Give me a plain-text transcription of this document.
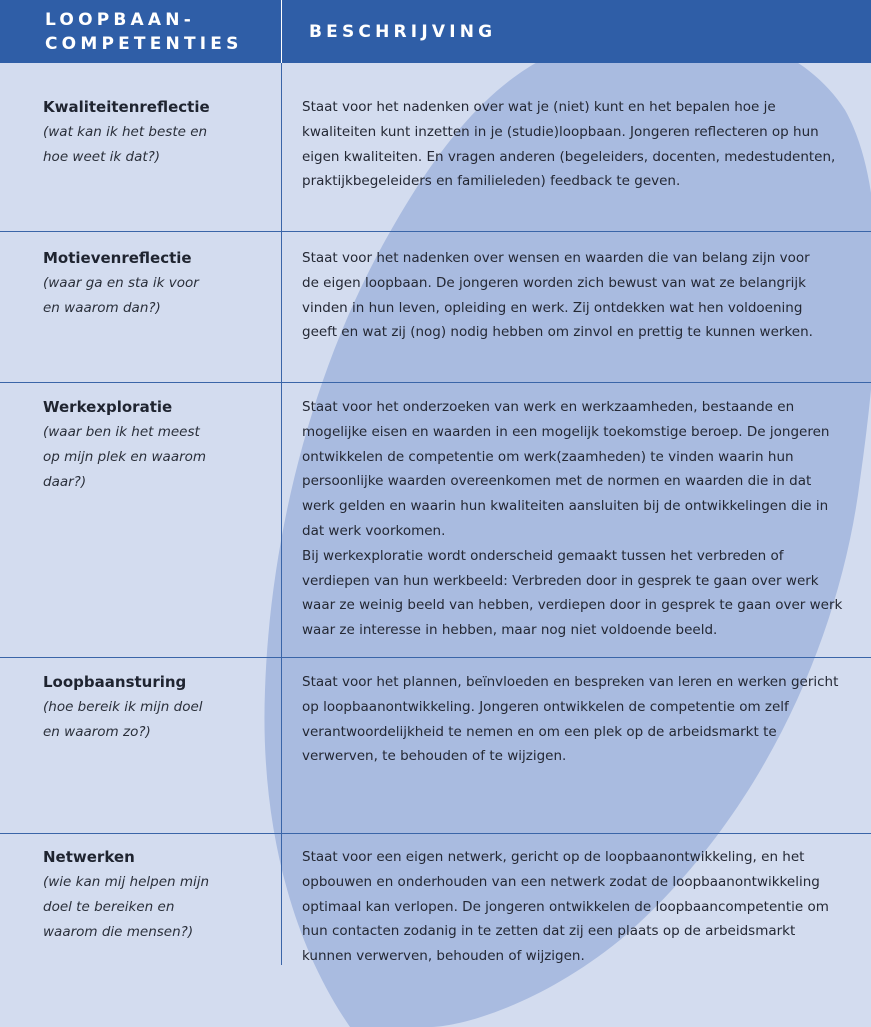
LOOPBAAN-
COMPETENTIES
BESCHRIJVING
Kwaliteitenreflectie
(wat kan ik het beste en hoe weet ik dat?)

Staat voor het nadenken over wat je (niet) kunt en het bepalen hoe je kwaliteiten kunt inzetten in je (studie)loopbaan. Jongeren reflecteren op hun eigen kwaliteiten. En vragen anderen (begeleiders, docenten, medestudenten, praktijkbegeleiders en familieleden) feedback te geven.

Motievenreflectie
(waar ga en sta ik voor en waarom dan?)

Staat voor het nadenken over wensen en waarden die van belang zijn voor de eigen loopbaan. De jongeren worden zich bewust van wat ze belangrijk vinden in hun leven, opleiding en werk. Zij ontdekken wat hen voldoening geeft en wat zij (nog) nodig hebben om zinvol en prettig te kunnen werken.

Werkexploratie
(waar ben ik het meest op mijn plek en waarom daar?)

Staat voor het onderzoeken van werk en werkzaamheden, bestaande en mogelijke eisen en waarden in een mogelijk toekomstige beroep. De jongeren ontwikkelen de competentie om werk(zaamheden) te vinden waarin hun persoonlijke waarden overeenkomen met de normen en waarden die in dat werk gelden en waarin hun kwaliteiten aansluiten bij de ontwikkelingen die in dat werk voorkomen.

Bij werkexploratie wordt onderscheid gemaakt tussen het verbreden of verdiepen van hun werkbeeld: Verbreden door in gesprek te gaan over werk waar ze weinig beeld van hebben, verdiepen door in gesprek te gaan over werk waar ze interesse in hebben, maar nog niet voldoende beeld.

Loopbaansturing
(hoe bereik ik mijn doel en waarom zo?)

Staat voor het plannen, beïnvloeden en bespreken van leren en werken gericht op loopbaanontwikkeling. Jongeren ontwikkelen de competentie om zelf verantwoordelijkheid te nemen en om een plek op de arbeidsmarkt te verwerven, te behouden of te wijzigen.

Netwerken
(wie kan mij helpen mijn doel te bereiken en waarom die mensen?)

Staat voor een eigen netwerk, gericht op de loopbaanontwikkeling, en het opbouwen en onderhouden van een netwerk zodat de loopbaanontwikkeling optimaal kan verlopen. De jongeren ontwikkelen de loopbaancompetentie om hun contacten zodanig in te zetten dat zij een plaats op de arbeidsmarkt kunnen verwerven, behouden of wijzigen.
